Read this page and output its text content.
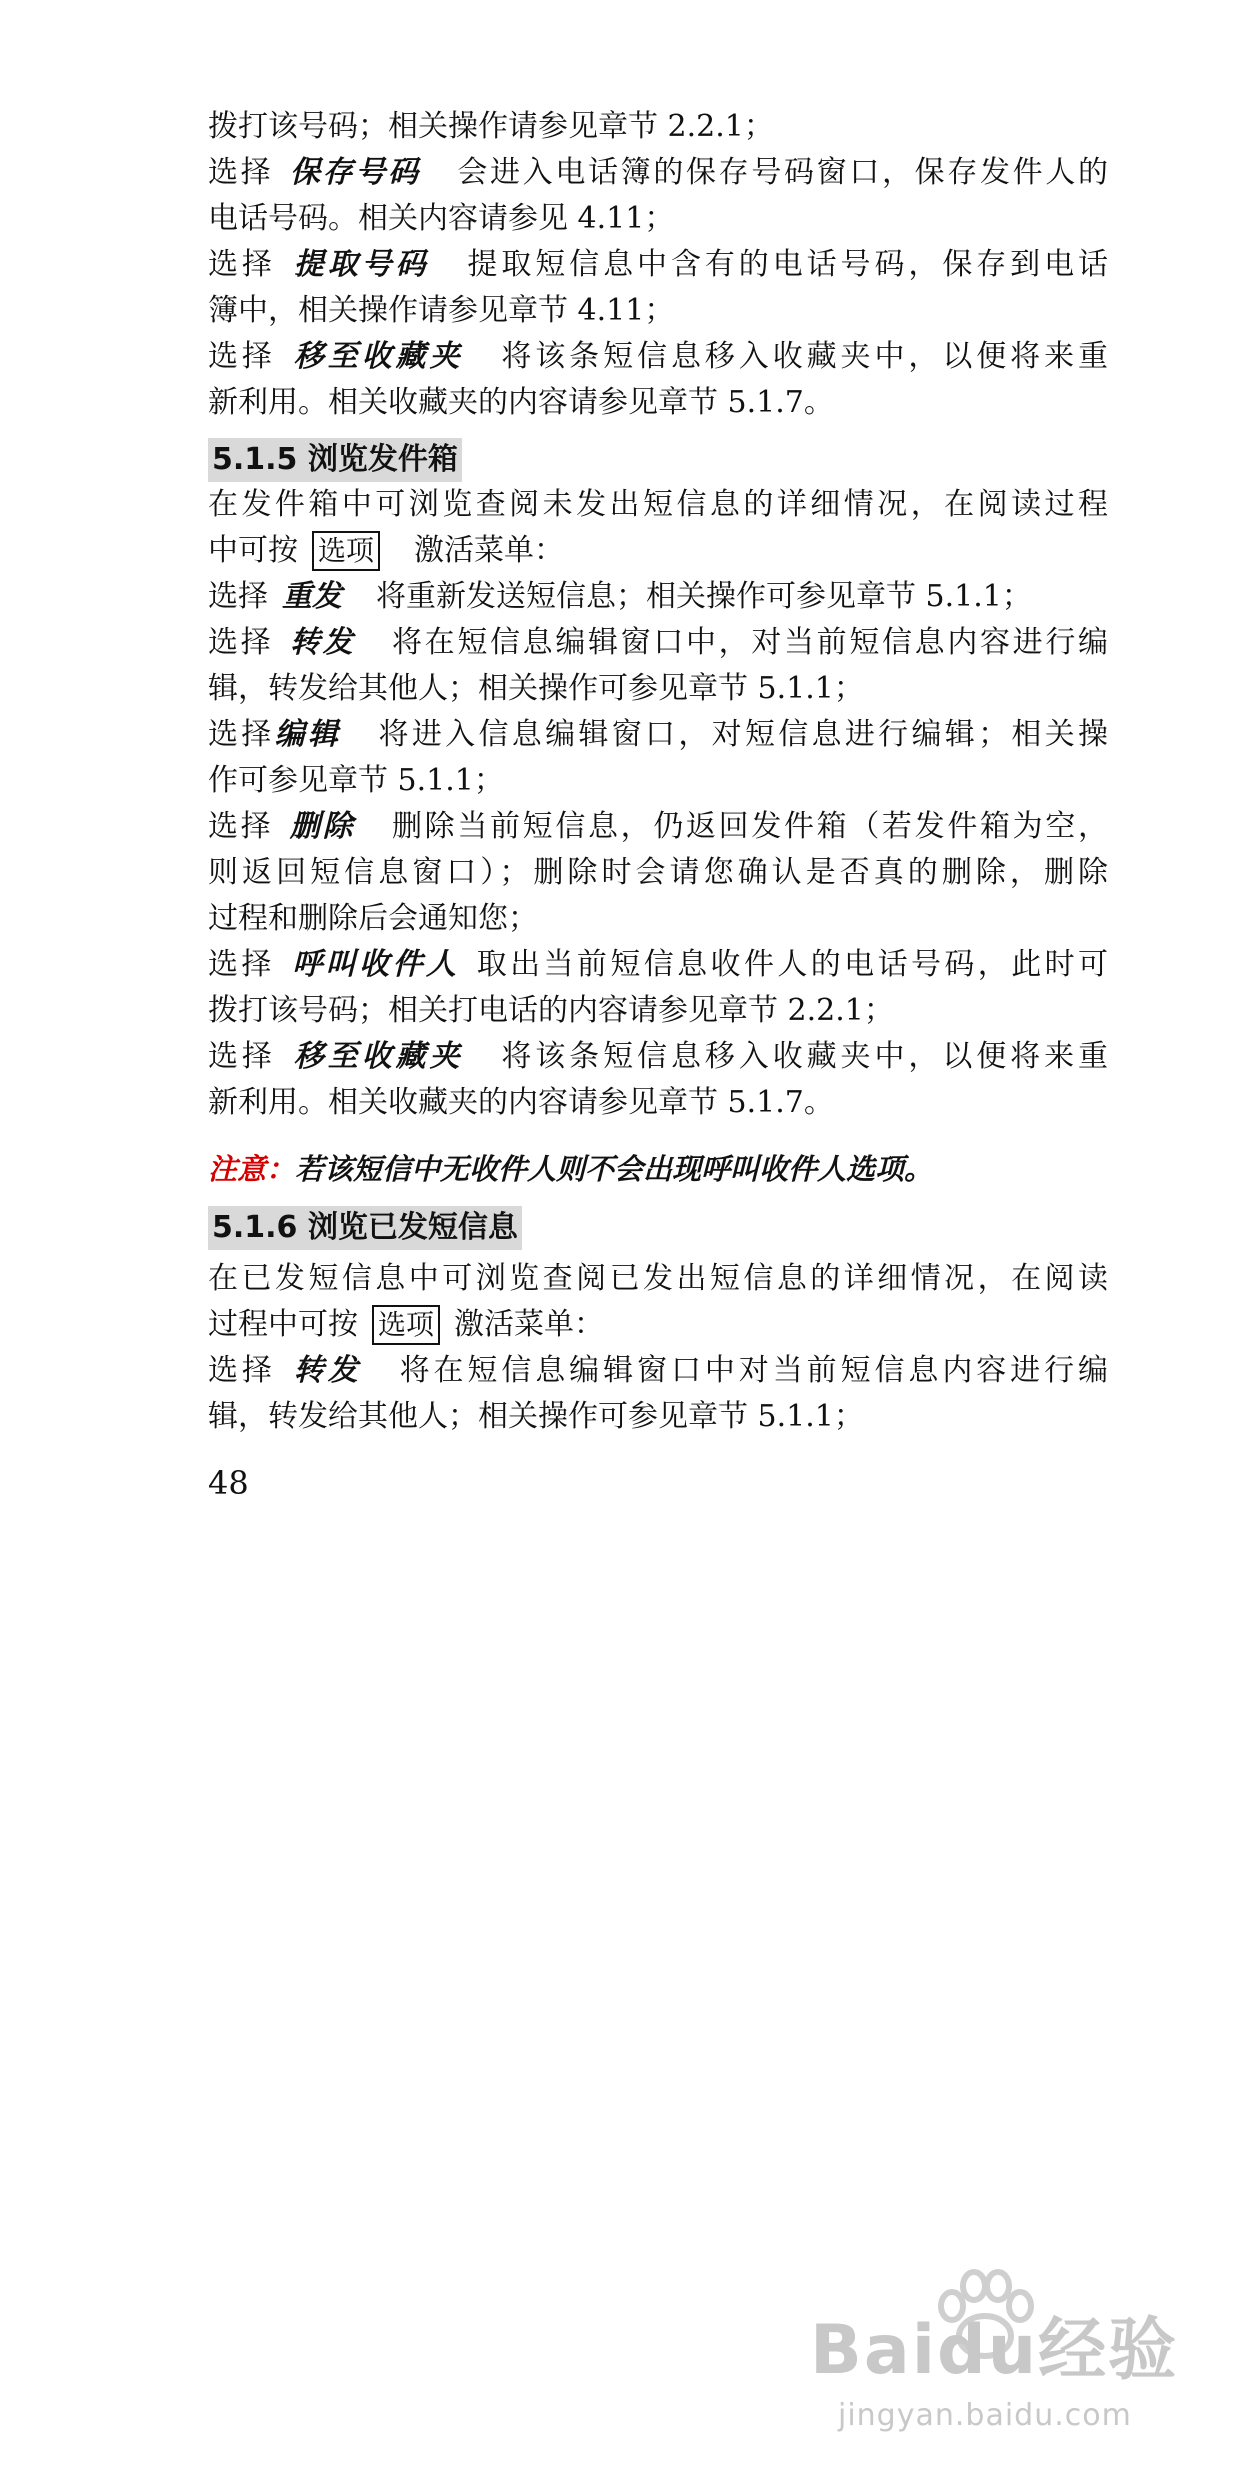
拨打该号码；相关操作请参见章节 2.2.1；
选择 保存号码 会进入电话簿的保存号码窗口，保存发件人的
电话号码。相关内容请参见 4.11；
选择 提取号码 提取短信息中含有的电话号码，保存到电话
簿中，相关操作请参见章节 4.11；
选择 移至收藏夹 将该条短信息移入收藏夹中，以便将来重
新利用。相关收藏夹的内容请参见章节 5.1.7。
5.1.5 浏览发件箱
在发件箱中可浏览查阅未发出短信息的详细情况，在阅读过程
中可按 选项 激活菜单：
选择 重发 将重新发送短信息；相关操作可参见章节 5.1.1；
选择 转发 将在短信息编辑窗口中，对当前短信息内容进行编
辑，转发给其他人；相关操作可参见章节 5.1.1；
选择编辑 将进入信息编辑窗口，对短信息进行编辑；相关操
作可参见章节 5.1.1；
选择 删除 删除当前短信息，仍返回发件箱（若发件箱为空，
则返回短信息窗口）；删除时会请您确认是否真的删除，删除
过程和删除后会通知您；
选择 呼叫收件人 取出当前短信息收件人的电话号码，此时可
拨打该号码；相关打电话的内容请参见章节 2.2.1；
选择 移至收藏夹 将该条短信息移入收藏夹中，以便将来重
新利用。相关收藏夹的内容请参见章节 5.1.7。
注意：若该短信中无收件人则不会出现呼叫收件人选项。
5.1.6 浏览已发短信息
在已发短信息中可浏览查阅已发出短信息的详细情况，在阅读
过程中可按 选项 激活菜单：
选择 转发 将在短信息编辑窗口中对当前短信息内容进行编
辑，转发给其他人；相关操作可参见章节 5.1.1；
48
Baidu经验
jingyan.baidu.com
